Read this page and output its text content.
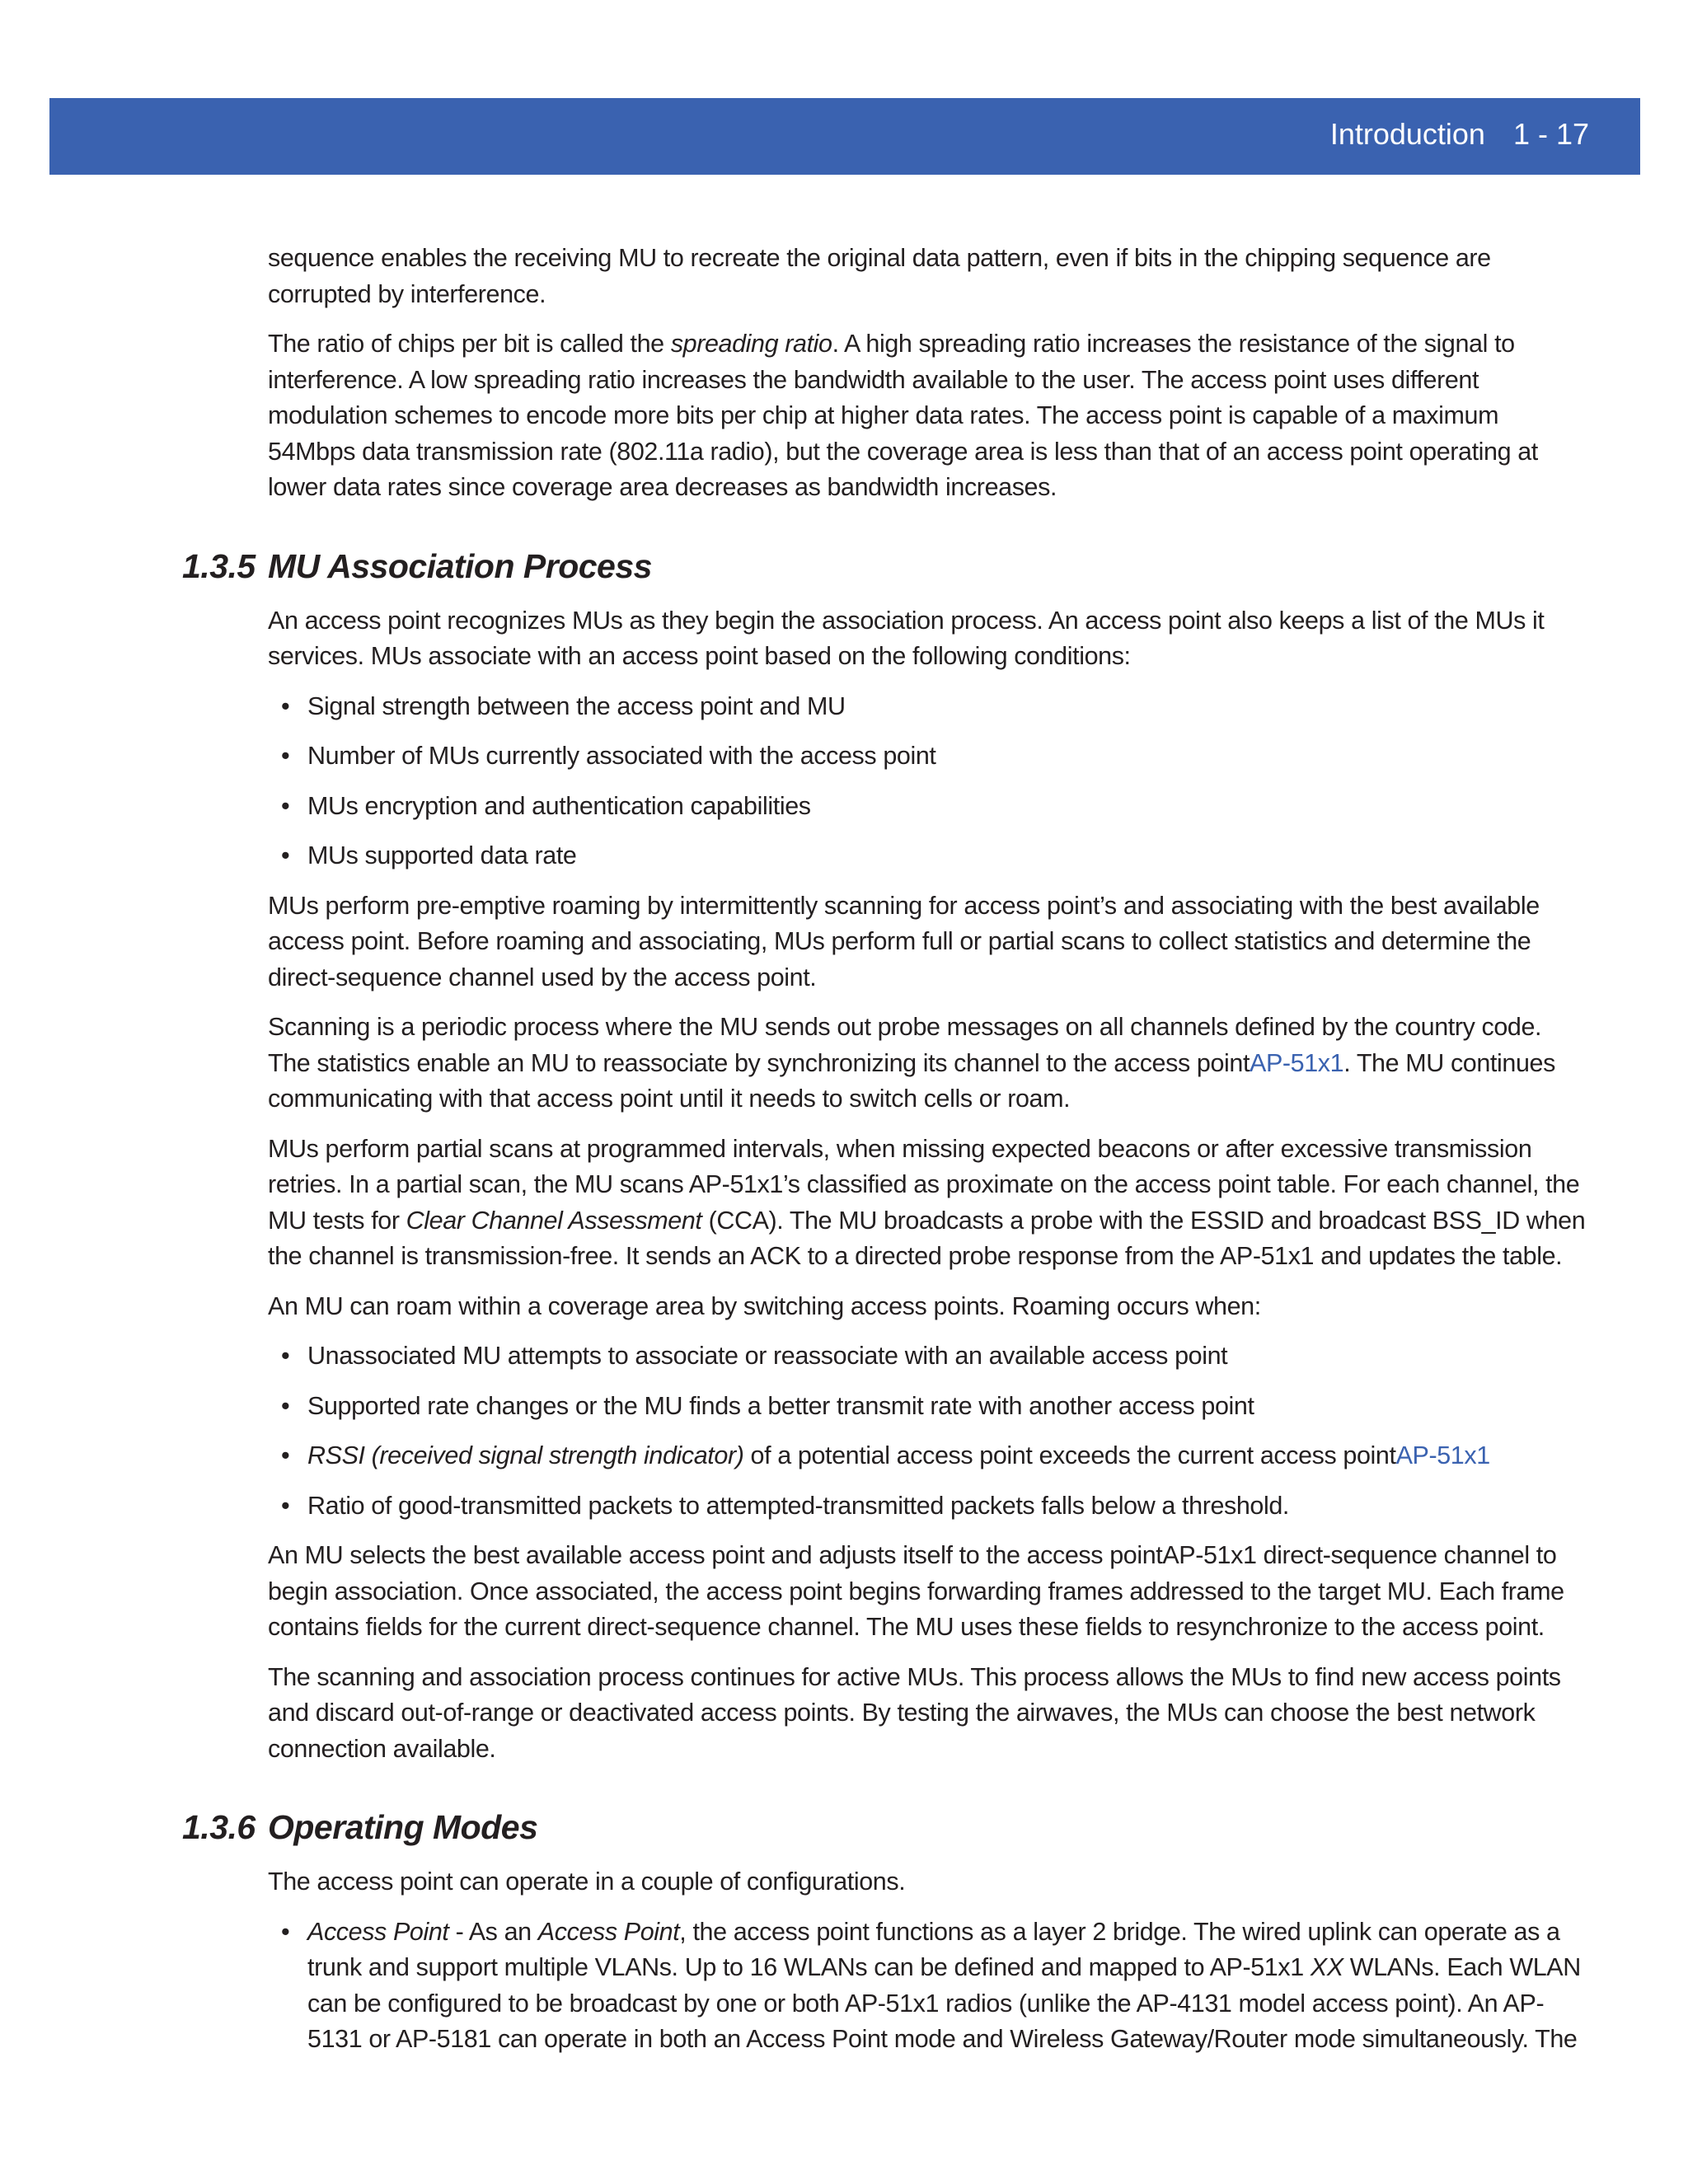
Introduction 1 - 17

sequence enables the receiving MU to recreate the original data pattern, even if bits in the chipping sequence are corrupted by interference.

The ratio of chips per bit is called the spreading ratio. A high spreading ratio increases the resistance of the signal to interference. A low spreading ratio increases the bandwidth available to the user. The access point uses different modulation schemes to encode more bits per chip at higher data rates. The access point is capable of a maximum 54Mbps data transmission rate (802.11a radio), but the coverage area is less than that of an access point operating at lower data rates since coverage area decreases as bandwidth increases.

1.3.5 MU Association Process

An access point recognizes MUs as they begin the association process. An access point also keeps a list of the MUs it services. MUs associate with an access point based on the following conditions:

• Signal strength between the access point and MU
• Number of MUs currently associated with the access point
• MUs encryption and authentication capabilities
• MUs supported data rate

MUs perform pre-emptive roaming by intermittently scanning for access point’s and associating with the best available access point. Before roaming and associating, MUs perform full or partial scans to collect statistics and determine the direct-sequence channel used by the access point.

Scanning is a periodic process where the MU sends out probe messages on all channels defined by the country code. The statistics enable an MU to reassociate by synchronizing its channel to the access pointAP-51x1. The MU continues communicating with that access point until it needs to switch cells or roam.

MUs perform partial scans at programmed intervals, when missing expected beacons or after excessive transmission retries. In a partial scan, the MU scans AP-51x1’s classified as proximate on the access point table. For each channel, the MU tests for Clear Channel Assessment (CCA). The MU broadcasts a probe with the ESSID and broadcast BSS_ID when the channel is transmission-free. It sends an ACK to a directed probe response from the AP-51x1 and updates the table.

An MU can roam within a coverage area by switching access points. Roaming occurs when:

• Unassociated MU attempts to associate or reassociate with an available access point
• Supported rate changes or the MU finds a better transmit rate with another access point
• RSSI (received signal strength indicator) of a potential access point exceeds the current access pointAP-51x1
• Ratio of good-transmitted packets to attempted-transmitted packets falls below a threshold.

An MU selects the best available access point and adjusts itself to the access pointAP-51x1 direct-sequence channel to begin association. Once associated, the access point begins forwarding frames addressed to the target MU. Each frame contains fields for the current direct-sequence channel. The MU uses these fields to resynchronize to the access point.

The scanning and association process continues for active MUs. This process allows the MUs to find new access points and discard out-of-range or deactivated access points. By testing the airwaves, the MUs can choose the best network connection available.

1.3.6 Operating Modes

The access point can operate in a couple of configurations.

• Access Point - As an Access Point, the access point functions as a layer 2 bridge. The wired uplink can operate as a trunk and support multiple VLANs. Up to 16 WLANs can be defined and mapped to AP-51x1 XX WLANs. Each WLAN can be configured to be broadcast by one or both AP-51x1 radios (unlike the AP-4131 model access point). An AP-5131 or AP-5181 can operate in both an Access Point mode and Wireless Gateway/Router mode simultaneously. The
